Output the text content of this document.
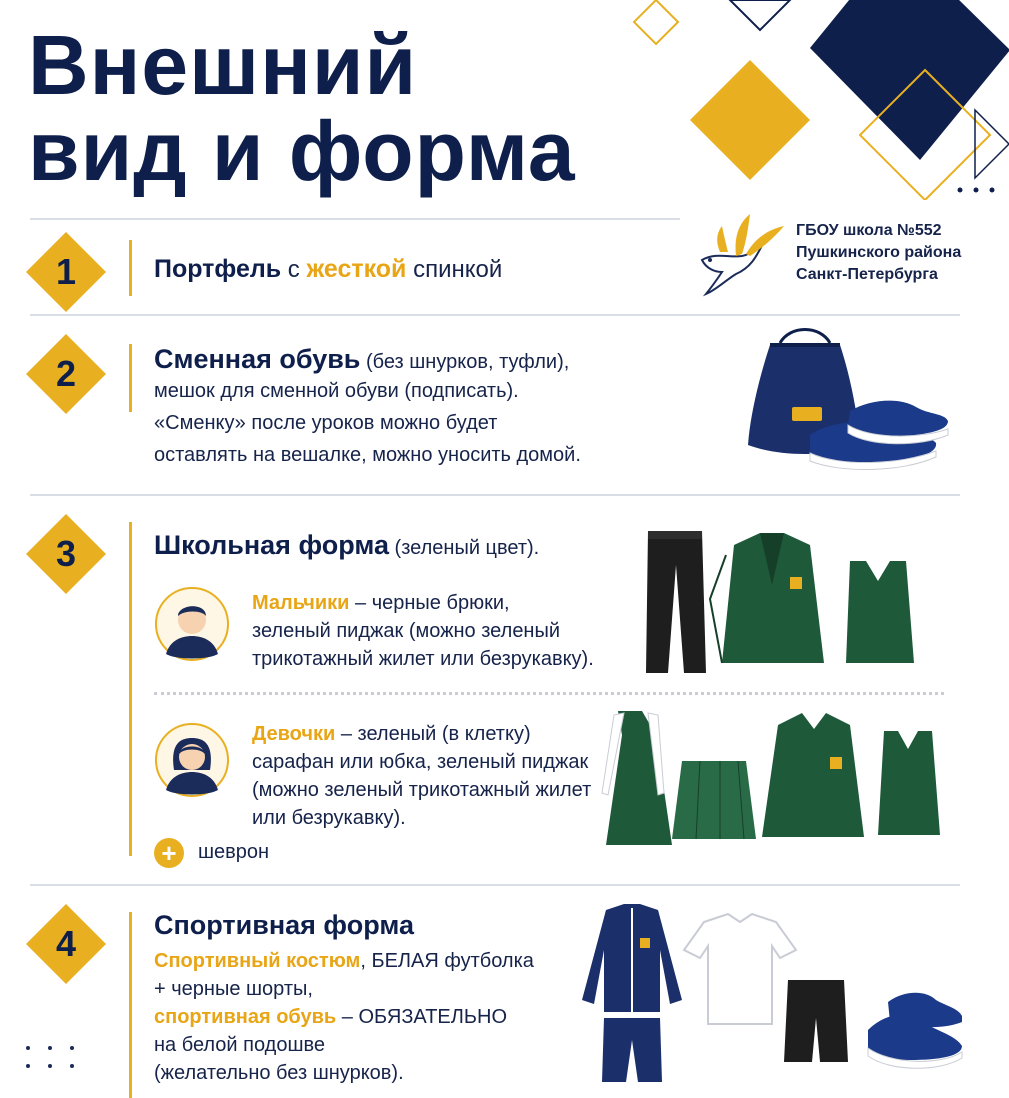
Внешний
вид и форма
ГБОУ школа №552
Пушкинского района
Санкт-Петербурга
1	Портфель с жесткой спинкой
2	Сменная обувь (без шнурков, туфли),
мешок для сменной обуви (подписать).
«Сменку» после уроков можно будет
оставлять на вешалке, можно уносить домой.
3	Школьная форма (зеленый цвет).
Мальчики – черные брюки,
зеленый пиджак (можно зеленый
трикотажный жилет или безрукавку).
Девочки – зеленый (в клетку)
сарафан или юбка, зеленый пиджак
(можно зеленый трикотажный жилет
или безрукавку).
+	шеврон
4	Спортивная форма
Спортивный костюм, БЕЛАЯ футболка
+ черные шорты,
спортивная обувь – ОБЯЗАТЕЛЬНО
на белой подошве
(желательно без шнурков).
